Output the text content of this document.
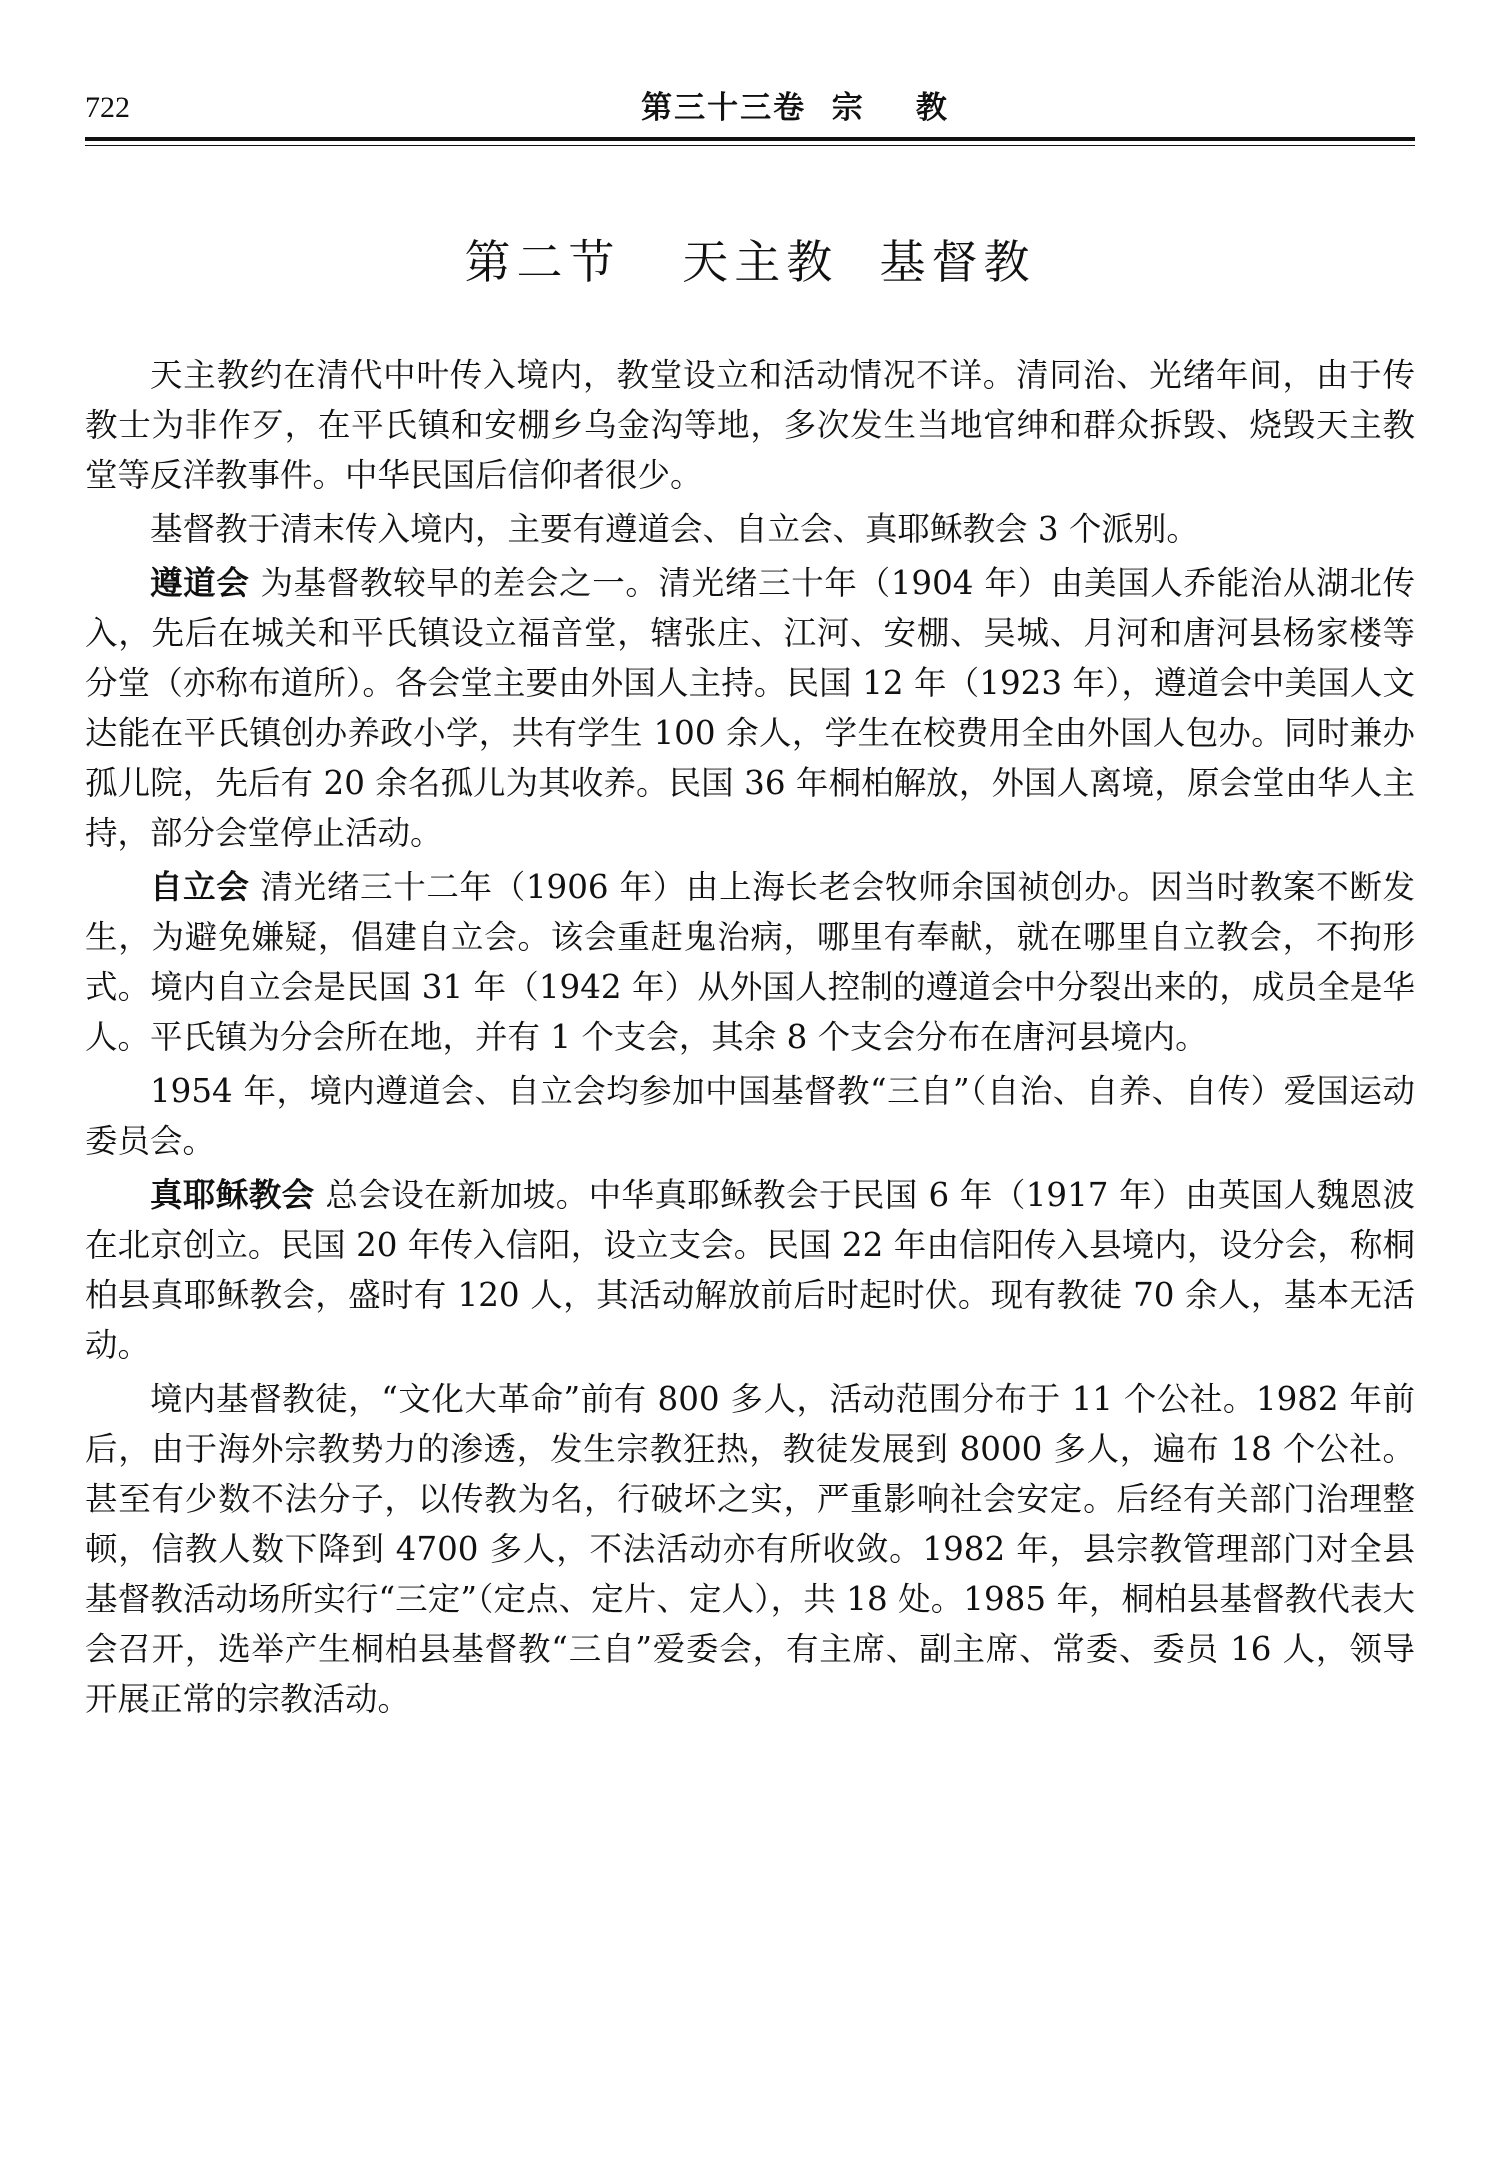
722	第三十三卷  宗    教
第二节   天主教  基督教

天主教约在清代中叶传入境内，教堂设立和活动情况不详。清同治、光绪年间，由于传教士为非作歹，在平氏镇和安棚乡乌金沟等地，多次发生当地官绅和群众拆毁、烧毁天主教堂等反洋教事件。中华民国后信仰者很少。

基督教于清末传入境内，主要有遵道会、自立会、真耶稣教会 3 个派别。

遵道会 为基督教较早的差会之一。清光绪三十年（1904 年）由美国人乔能治从湖北传入，先后在城关和平氏镇设立福音堂，辖张庄、江河、安棚、吴城、月河和唐河县杨家楼等分堂（亦称布道所）。各会堂主要由外国人主持。民国 12 年（1923 年），遵道会中美国人文达能在平氏镇创办养政小学，共有学生 100 余人，学生在校费用全由外国人包办。同时兼办孤儿院，先后有 20 余名孤儿为其收养。民国 36 年桐柏解放，外国人离境，原会堂由华人主持，部分会堂停止活动。

自立会 清光绪三十二年（1906 年）由上海长老会牧师余国祯创办。因当时教案不断发生，为避免嫌疑，倡建自立会。该会重赶鬼治病，哪里有奉献，就在哪里自立教会，不拘形式。境内自立会是民国 31 年（1942 年）从外国人控制的遵道会中分裂出来的，成员全是华人。平氏镇为分会所在地，并有 1 个支会，其余 8 个支会分布在唐河县境内。

1954 年，境内遵道会、自立会均参加中国基督教“三自”（自治、自养、自传）爱国运动委员会。

真耶稣教会 总会设在新加坡。中华真耶稣教会于民国 6 年（1917 年）由英国人魏恩波在北京创立。民国 20 年传入信阳，设立支会。民国 22 年由信阳传入县境内，设分会，称桐柏县真耶稣教会，盛时有 120 人，其活动解放前后时起时伏。现有教徒 70 余人，基本无活动。

境内基督教徒，“文化大革命”前有 800 多人，活动范围分布于 11 个公社。1982 年前后，由于海外宗教势力的渗透，发生宗教狂热，教徒发展到 8000 多人，遍布 18 个公社。甚至有少数不法分子，以传教为名，行破坏之实，严重影响社会安定。后经有关部门治理整顿，信教人数下降到 4700 多人，不法活动亦有所收敛。1982 年，县宗教管理部门对全县基督教活动场所实行“三定”（定点、定片、定人），共 18 处。1985 年，桐柏县基督教代表大会召开，选举产生桐柏县基督教“三自”爱委会，有主席、副主席、常委、委员 16 人，领导开展正常的宗教活动。
